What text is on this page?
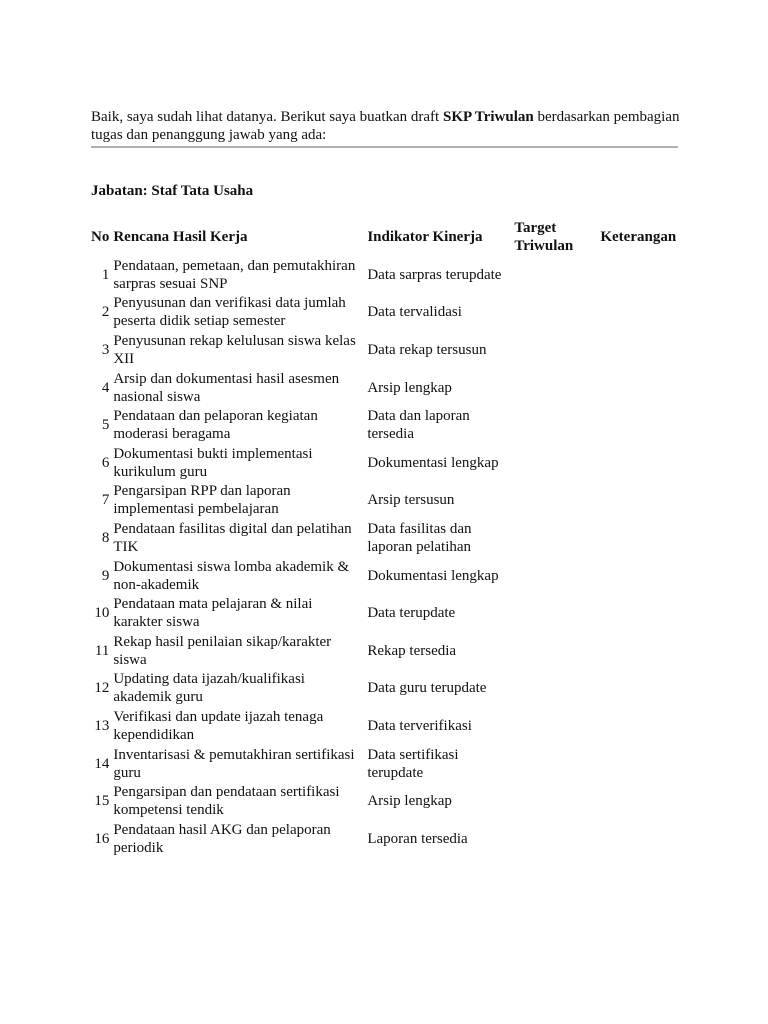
Baik, saya sudah lihat datanya. Berikut saya buatkan draft SKP Triwulan berdasarkan pembagian tugas dan penanggung jawab yang ada:

Jabatan: Staf Tata Usaha
No	Rencana Hasil Kerja	Indikator Kinerja	Target Triwulan	Keterangan
1	Pendataan, pemetaan, dan pemutakhiran sarpras sesuai SNP	Data sarpras terupdate		
2	Penyusunan dan verifikasi data jumlah peserta didik setiap semester	Data tervalidasi		
3	Penyusunan rekap kelulusan siswa kelas XII	Data rekap tersusun		
4	Arsip dan dokumentasi hasil asesmen nasional siswa	Arsip lengkap		
5	Pendataan dan pelaporan kegiatan moderasi beragama	Data dan laporan tersedia		
6	Dokumentasi bukti implementasi kurikulum guru	Dokumentasi lengkap		
7	Pengarsipan RPP dan laporan implementasi pembelajaran	Arsip tersusun		
8	Pendataan fasilitas digital dan pelatihan TIK	Data fasilitas dan laporan pelatihan		
9	Dokumentasi siswa lomba akademik & non-akademik	Dokumentasi lengkap		
10	Pendataan mata pelajaran & nilai karakter siswa	Data terupdate		
11	Rekap hasil penilaian sikap/karakter siswa	Rekap tersedia		
12	Updating data ijazah/kualifikasi akademik guru	Data guru terupdate		
13	Verifikasi dan update ijazah tenaga kependidikan	Data terverifikasi		
14	Inventarisasi & pemutakhiran sertifikasi guru	Data sertifikasi terupdate		
15	Pengarsipan dan pendataan sertifikasi kompetensi tendik	Arsip lengkap		
16	Pendataan hasil AKG dan pelaporan periodik	Laporan tersedia		
